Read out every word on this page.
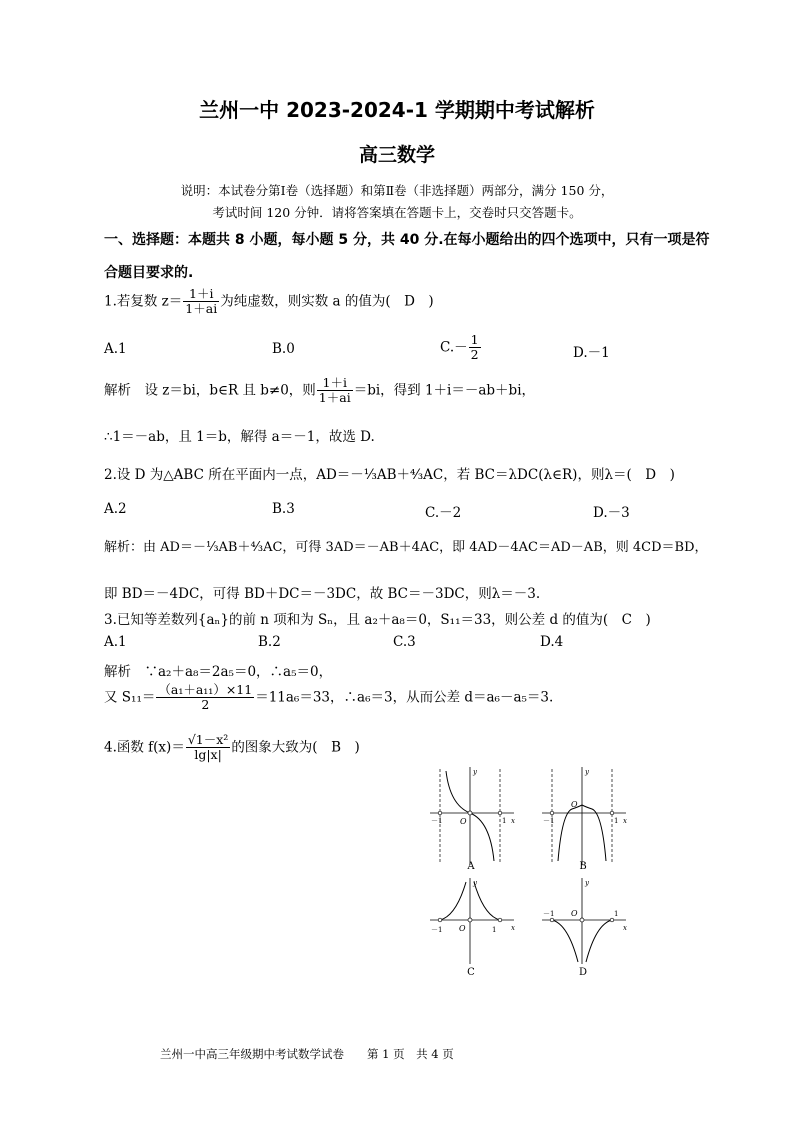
兰州一中 2023-2024-1 学期期中考试解析
高三数学
说明：本试卷分第Ⅰ卷（选择题）和第Ⅱ卷（非选择题）两部分，满分 150 分，
考试时间 120 分钟．请将答案填在答题卡上，交卷时只交答题卡。
一、选择题：本题共 8 小题，每小题 5 分，共 40 分.在每小题给出的四个选项中，只有一项是符
合题目要求的.
1.若复数 $z= \frac{1+i}{1+ai}$ 为纯虚数，则实数 a 的值为(　D　)
A.1	B.0	$C.- \frac{1}{2}$	D.－1
解析　设 z＝bi，b∈R 且 b≠0，则 $\frac{1+i}{1+ai} =bi$，得到 1＋i＝－ab＋bi，
∴1＝－ab，且 1＝b，解得 a＝－1，故选 D.
2.设 D 为△ABC 所在平面内一点，AD＝－⅓AB＋⁴⁄₃AC，若 BC＝λDC(λ∈R)，则λ＝(　D　)
A.2	B.3	C.－2	D.－3
解析：由 AD＝－⅓AB＋⁴⁄₃AC，可得 3AD＝－AB＋4AC，即 4AD－4AC＝AD－AB，则 4CD＝BD，
即 BD＝－4DC，可得 BD＋DC＝－3DC，故 BC＝－3DC，则λ＝－3.
3.已知等差数列{aₙ}的前 n 项和为 Sₙ，且 a₂＋a₈＝0，S₁₁＝33，则公差 d 的值为(　C　)
A.1	B.2	C.3	D.4
解析　∵a₂＋a₈＝2a₅＝0，∴a₅＝0，
又 $S_{11}= \frac{\text{（a₁＋a₁₁）×11}}{2} =11a_6=33$，∴a₆＝3，从而公差 d＝a₆－a₅＝3.
4.函数 $f(x)= \frac{\text{√1－x²}}{\lg|x|}$ 的图象大致为(　B　)
x
y
O
－1	1
A
x
y
O
－1	1
B
x
y
O
－1	1
C
x
y
O
－1	1
D
兰州一中高三年级期中考试数学试卷　　第 1 页　共 4 页
